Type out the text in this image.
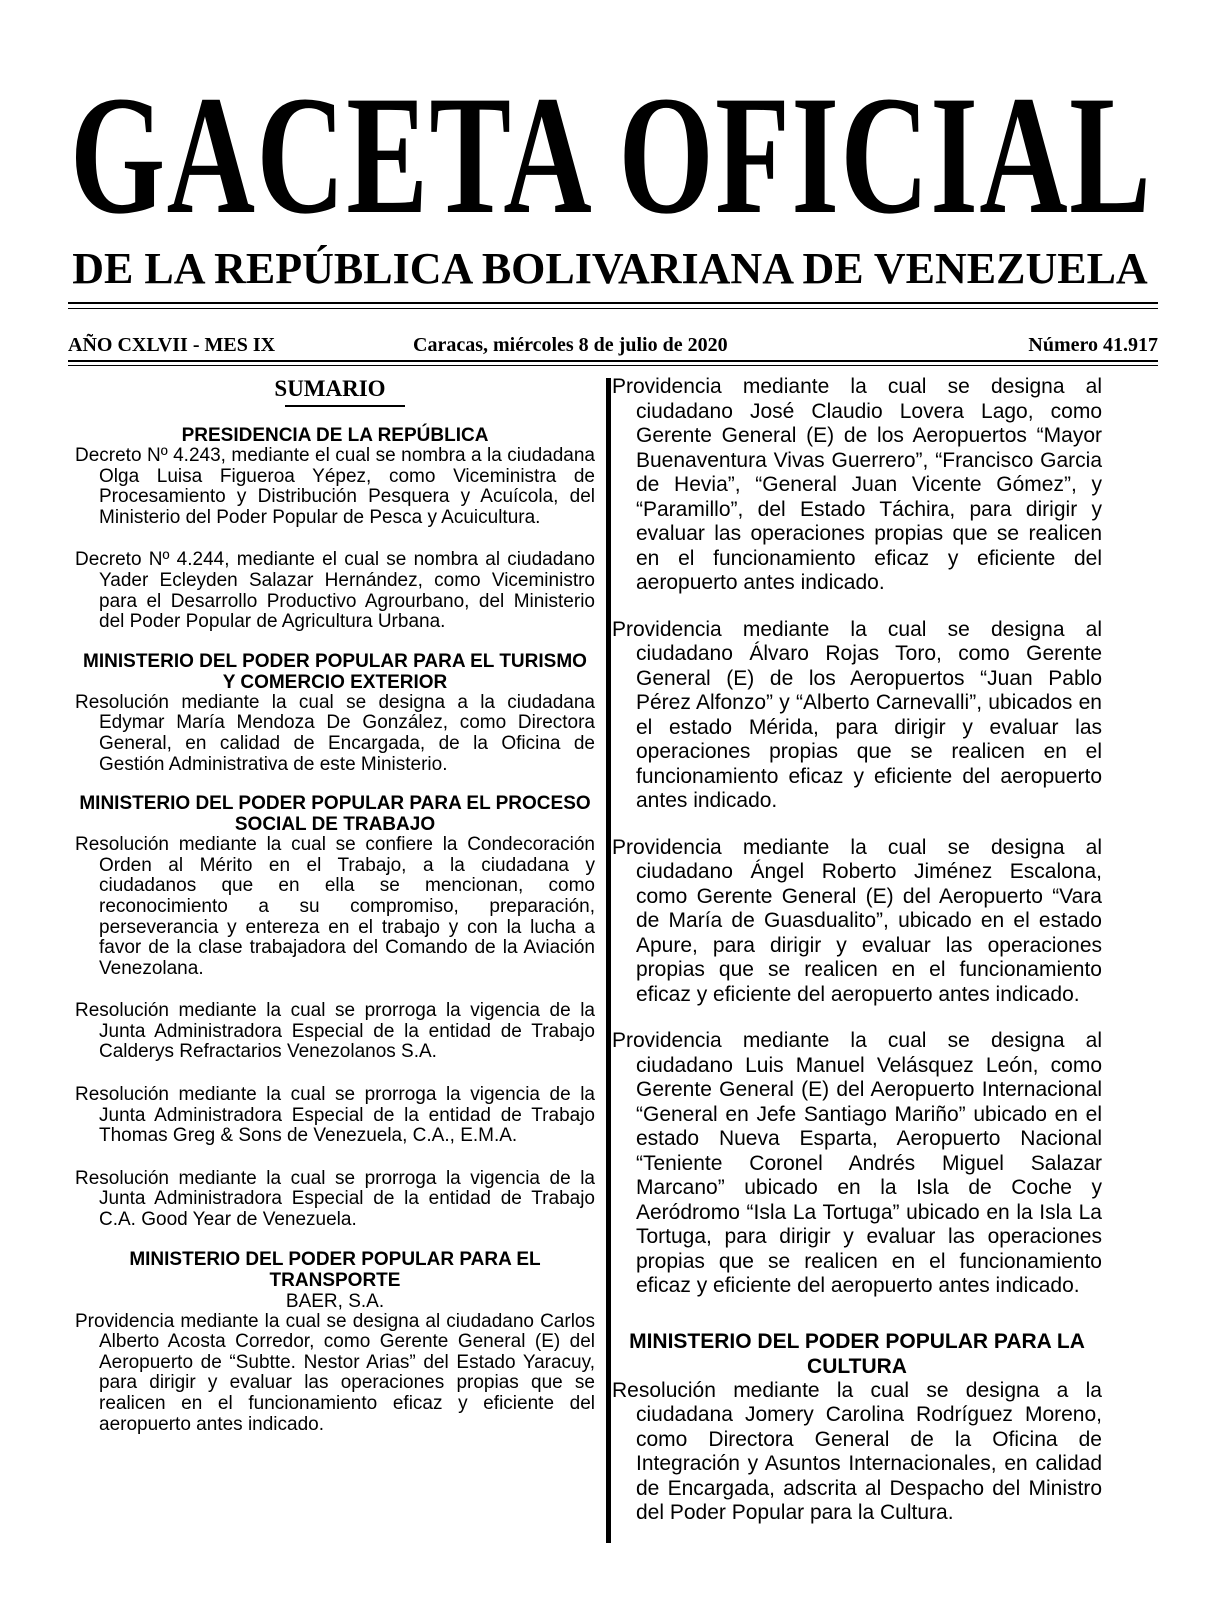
GACETA OFICIAL
DE LA REPÚBLICA BOLIVARIANA DE VENEZUELA
AÑO CXLVII - MES IX	Caracas, miércoles 8 de julio de 2020	Número 41.917
SUMARIO
PRESIDENCIA DE LA REPÚBLICA
Decreto Nº 4.243, mediante el cual se nombra a la ciudadana Olga Luisa Figueroa Yépez, como Viceministra de Procesamiento y Distribución Pesquera y Acuícola, del Ministerio del Poder Popular de Pesca y Acuicultura.
Decreto Nº 4.244, mediante el cual se nombra al ciudadano Yader Ecleyden Salazar Hernández, como Viceministro para el Desarrollo Productivo Agrourbano, del Ministerio del Poder Popular de Agricultura Urbana.
MINISTERIO DEL PODER POPULAR PARA EL TURISMO Y COMERCIO EXTERIOR
Resolución mediante la cual se designa a la ciudadana Edymar María Mendoza De González, como Directora General, en calidad de Encargada, de la Oficina de Gestión Administrativa de este Ministerio.
MINISTERIO DEL PODER POPULAR PARA EL PROCESO SOCIAL DE TRABAJO
Resolución mediante la cual se confiere la Condecoración Orden al Mérito en el Trabajo, a la ciudadana y ciudadanos que en ella se mencionan, como reconocimiento a su compromiso, preparación, perseverancia y entereza en el trabajo y con la lucha a favor de la clase trabajadora del Comando de la Aviación Venezolana.
Resolución mediante la cual se prorroga la vigencia de la Junta Administradora Especial de la entidad de Trabajo Calderys Refractarios Venezolanos S.A.
Resolución mediante la cual se prorroga la vigencia de la Junta Administradora Especial de la entidad de Trabajo Thomas Greg & Sons de Venezuela, C.A., E.M.A.
Resolución mediante la cual se prorroga la vigencia de la Junta Administradora Especial de la entidad de Trabajo C.A. Good Year de Venezuela.
MINISTERIO DEL PODER POPULAR PARA EL TRANSPORTE
BAER, S.A.
Providencia mediante la cual se designa al ciudadano Carlos Alberto Acosta Corredor, como Gerente General (E) del Aeropuerto de “Subtte. Nestor Arias” del Estado Yaracuy, para dirigir y evaluar las operaciones propias que se realicen en el funcionamiento eficaz y eficiente del aeropuerto antes indicado.
Providencia mediante la cual se designa al ciudadano José Claudio Lovera Lago, como Gerente General (E) de los Aeropuertos “Mayor Buenaventura Vivas Guerrero”, “Francisco Garcia de Hevia”, “General Juan Vicente Gómez”, y “Paramillo”, del Estado Táchira, para dirigir y evaluar las operaciones propias que se realicen en el funcionamiento eficaz y eficiente del aeropuerto antes indicado.
Providencia mediante la cual se designa al ciudadano Álvaro Rojas Toro, como Gerente General (E) de los Aeropuertos “Juan Pablo Pérez Alfonzo” y “Alberto Carnevalli”, ubicados en el estado Mérida, para dirigir y evaluar las operaciones propias que se realicen en el funcionamiento eficaz y eficiente del aeropuerto antes indicado.
Providencia mediante la cual se designa al ciudadano Ángel Roberto Jiménez Escalona, como Gerente General (E) del Aeropuerto “Vara de María de Guasdualito”, ubicado en el estado Apure, para dirigir y evaluar las operaciones propias que se realicen en el funcionamiento eficaz y eficiente del aeropuerto antes indicado.
Providencia mediante la cual se designa al ciudadano Luis Manuel Velásquez León, como Gerente General (E) del Aeropuerto Internacional “General en Jefe Santiago Mariño” ubicado en el estado Nueva Esparta, Aeropuerto Nacional “Teniente Coronel Andrés Miguel Salazar Marcano” ubicado en la Isla de Coche y Aeródromo “Isla La Tortuga” ubicado en la Isla La Tortuga, para dirigir y evaluar las operaciones propias que se realicen en el funcionamiento eficaz y eficiente del aeropuerto antes indicado.
MINISTERIO DEL PODER POPULAR PARA LA CULTURA
Resolución mediante la cual se designa a la ciudadana Jomery Carolina Rodríguez Moreno, como Directora General de la Oficina de Integración y Asuntos Internacionales, en calidad de Encargada, adscrita al Despacho del Ministro del Poder Popular para la Cultura.
